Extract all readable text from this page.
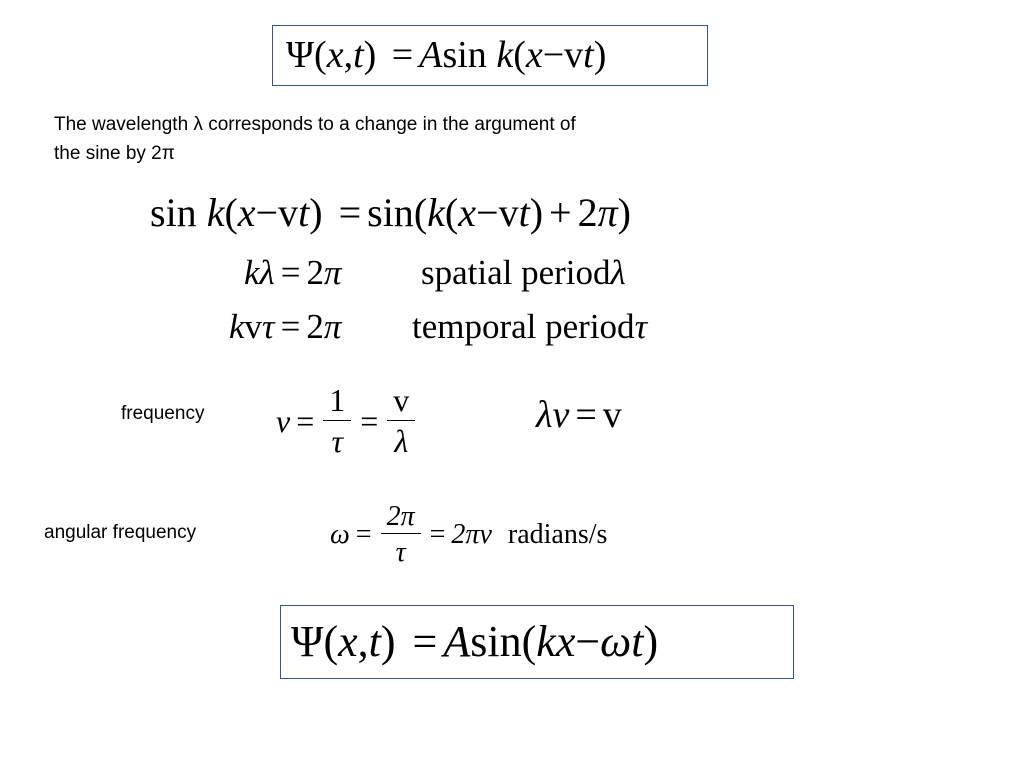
Ψ(x,t) = Asin k(x−vt)
The wavelength λ corresponds to a change in the argument of
the sine by 2π
sin k(x−vt) = sin(k(x−vt) + 2π)
kλ = 2π spatial periodλ
kvτ = 2π temporal periodτ
frequency $\nu = \frac{1}{\tau} = \frac{v}{\lambda}$	λν = v
angular frequency	$\omega = \frac{2\pi}{\tau} = 2\pi$ ν radians/s
Ψ(x,t) = Asin(kx−ωt)
